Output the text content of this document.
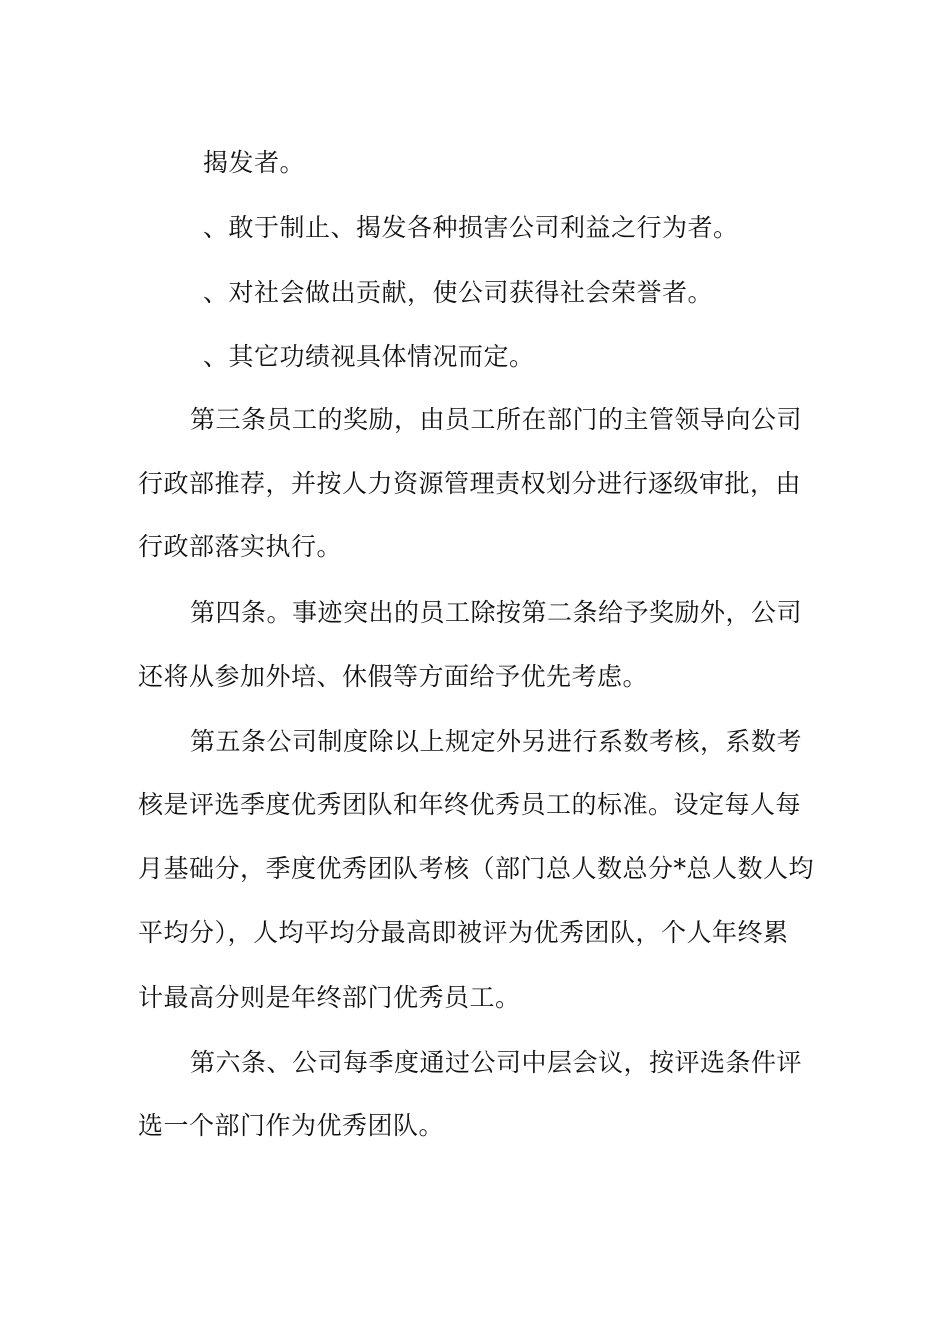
揭发者。
、敢于制止、揭发各种损害公司利益之行为者。
、对社会做出贡献，使公司获得社会荣誉者。
、其它功绩视具体情况而定。
第三条员工的奖励，由员工所在部门的主管领导向公司
行政部推荐，并按人力资源管理责权划分进行逐级审批，由
行政部落实执行。
第四条。事迹突出的员工除按第二条给予奖励外，公司
还将从参加外培、休假等方面给予优先考虑。
第五条公司制度除以上规定外另进行系数考核，系数考
核是评选季度优秀团队和年终优秀员工的标准。设定每人每
月基础分，季度优秀团队考核（部门总人数总分*总人数人均
平均分），人均平均分最高即被评为优秀团队，个人年终累
计最高分则是年终部门优秀员工。
第六条、公司每季度通过公司中层会议，按评选条件评
选一个部门作为优秀团队。
